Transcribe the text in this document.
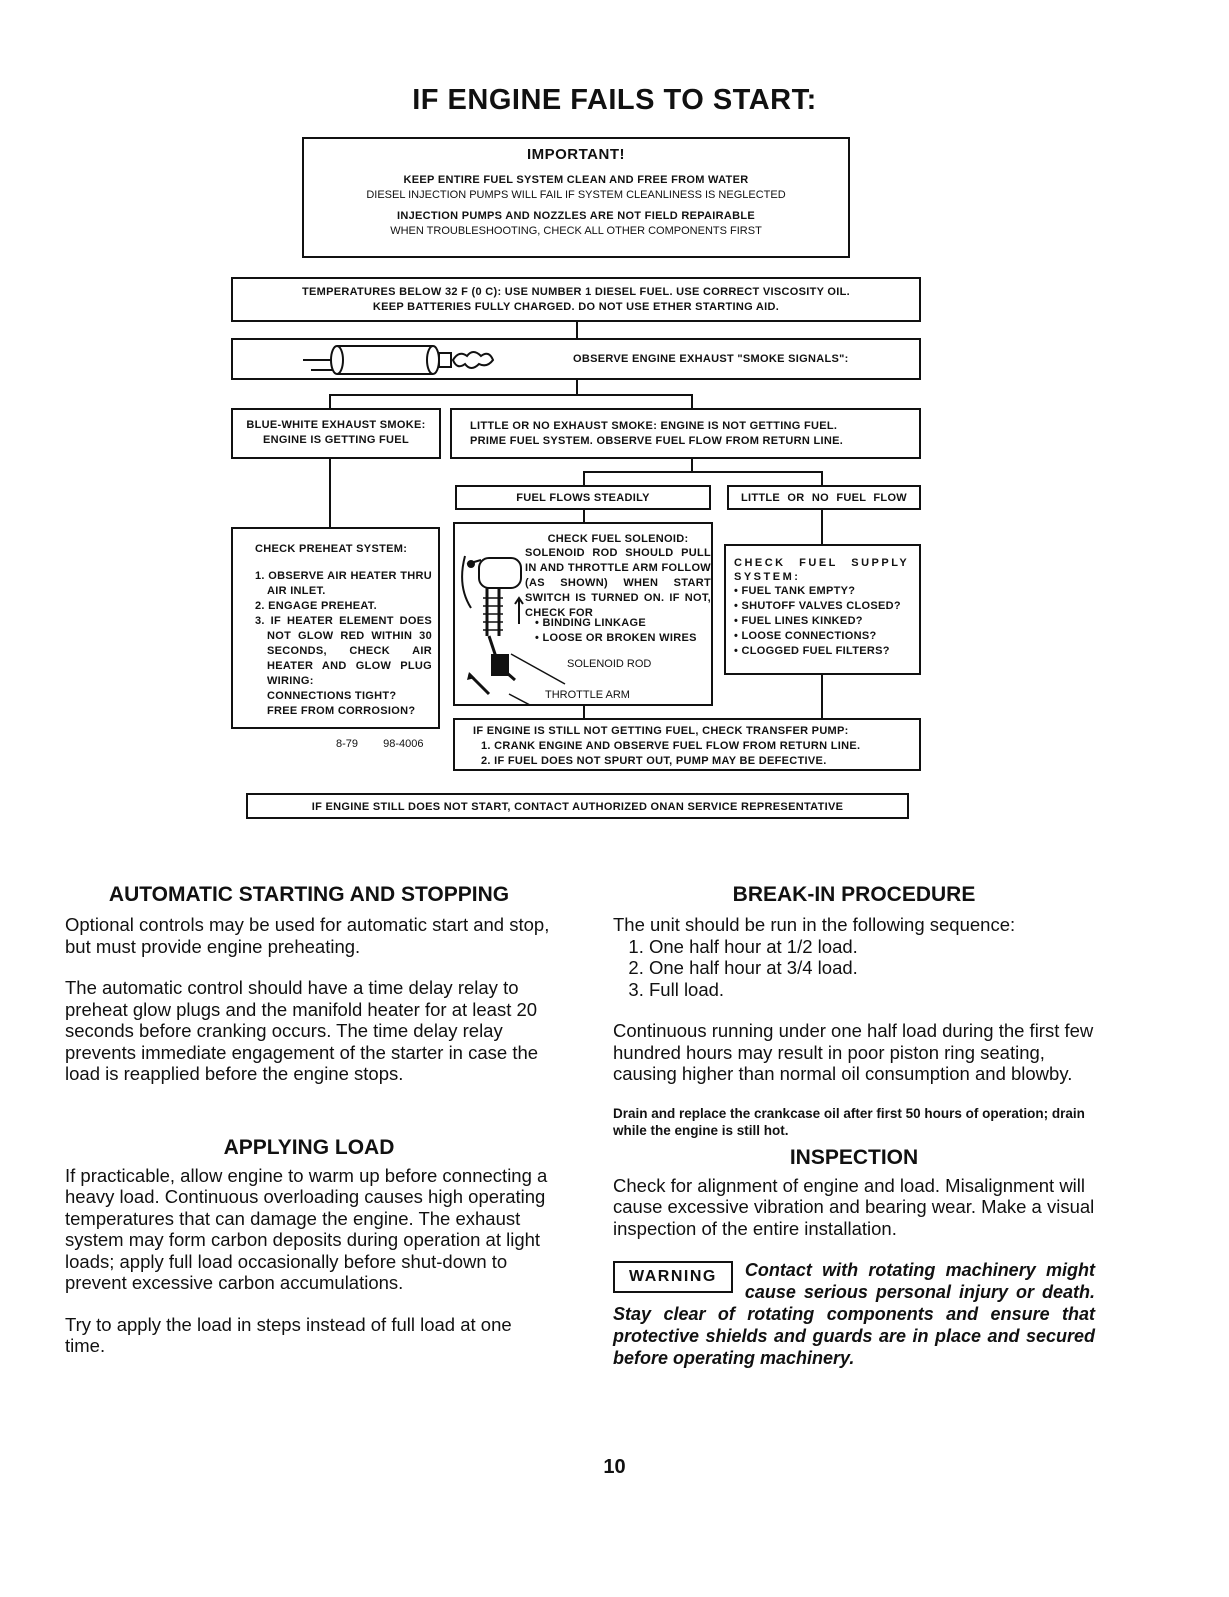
IF ENGINE FAILS TO START:
IMPORTANT!
KEEP ENTIRE FUEL SYSTEM CLEAN AND FREE FROM WATER
DIESEL INJECTION PUMPS WILL FAIL IF SYSTEM CLEANLINESS IS NEGLECTED
INJECTION PUMPS AND NOZZLES ARE NOT FIELD REPAIRABLE
WHEN TROUBLESHOOTING, CHECK ALL OTHER COMPONENTS FIRST
TEMPERATURES BELOW 32 F (0 C): USE NUMBER 1 DIESEL FUEL. USE CORRECT VISCOSITY OIL.
KEEP BATTERIES FULLY CHARGED. DO NOT USE ETHER STARTING AID.
OBSERVE ENGINE EXHAUST "SMOKE SIGNALS":
BLUE-WHITE EXHAUST SMOKE:
ENGINE IS GETTING FUEL
LITTLE OR NO EXHAUST SMOKE: ENGINE IS NOT GETTING FUEL.
PRIME FUEL SYSTEM. OBSERVE FUEL FLOW FROM RETURN LINE.
FUEL FLOWS STEADILY	LITTLE OR NO FUEL FLOW
CHECK PREHEAT SYSTEM:
1. OBSERVE AIR HEATER THRU AIR INLET.
2. ENGAGE PREHEAT.
3. IF HEATER ELEMENT DOES NOT GLOW RED WITHIN 30 SECONDS, CHECK AIR HEATER AND GLOW PLUG WIRING:
CONNECTIONS TIGHT?
FREE FROM CORROSION?
CHECK FUEL SOLENOID:
SOLENOID ROD SHOULD PULL IN AND THROTTLE ARM FOLLOW (AS SHOWN) WHEN START SWITCH IS TURNED ON. IF NOT, CHECK FOR
• BINDING LINKAGE
• LOOSE OR BROKEN WIRES
SOLENOID ROD
THROTTLE ARM
CHECK FUEL SUPPLY SYSTEM:
• FUEL TANK EMPTY?
• SHUTOFF VALVES CLOSED?
• FUEL LINES KINKED?
• LOOSE CONNECTIONS?
• CLOGGED FUEL FILTERS?
8-79 98-4006
IF ENGINE IS STILL NOT GETTING FUEL, CHECK TRANSFER PUMP:
1. CRANK ENGINE AND OBSERVE FUEL FLOW FROM RETURN LINE.
2. IF FUEL DOES NOT SPURT OUT, PUMP MAY BE DEFECTIVE.
IF ENGINE STILL DOES NOT START, CONTACT AUTHORIZED ONAN SERVICE REPRESENTATIVE
AUTOMATIC STARTING AND STOPPING

Optional controls may be used for automatic start and stop, but must provide engine preheating.

The automatic control should have a time delay relay to preheat glow plugs and the manifold heater for at least 20 seconds before cranking occurs. The time delay relay prevents immediate engagement of the starter in case the load is reapplied before the engine stops.

APPLYING LOAD

If practicable, allow engine to warm up before connecting a heavy load. Continuous overloading causes high operating temperatures that can damage the engine. The exhaust system may form carbon deposits during operation at light loads; apply full load occasionally before shut-down to prevent excessive carbon accumulations.

Try to apply the load in steps instead of full load at one time.

BREAK-IN PROCEDURE

The unit should be run in the following sequence:

1. One half hour at 1/2 load.
2. One half hour at 3/4 load.
3. Full load.

Continuous running under one half load during the first few hundred hours may result in poor piston ring seating, causing higher than normal oil consumption and blowby.

Drain and replace the crankcase oil after first 50 hours of operation; drain while the engine is still hot.

INSPECTION

Check for alignment of engine and load. Misalignment will cause excessive vibration and bearing wear. Make a visual inspection of the entire installation.

WARNING	Contact with rotating machinery might cause serious personal injury or death. Stay clear of rotating components and ensure that protective shields and guards are in place and secured before operating machinery.
10
